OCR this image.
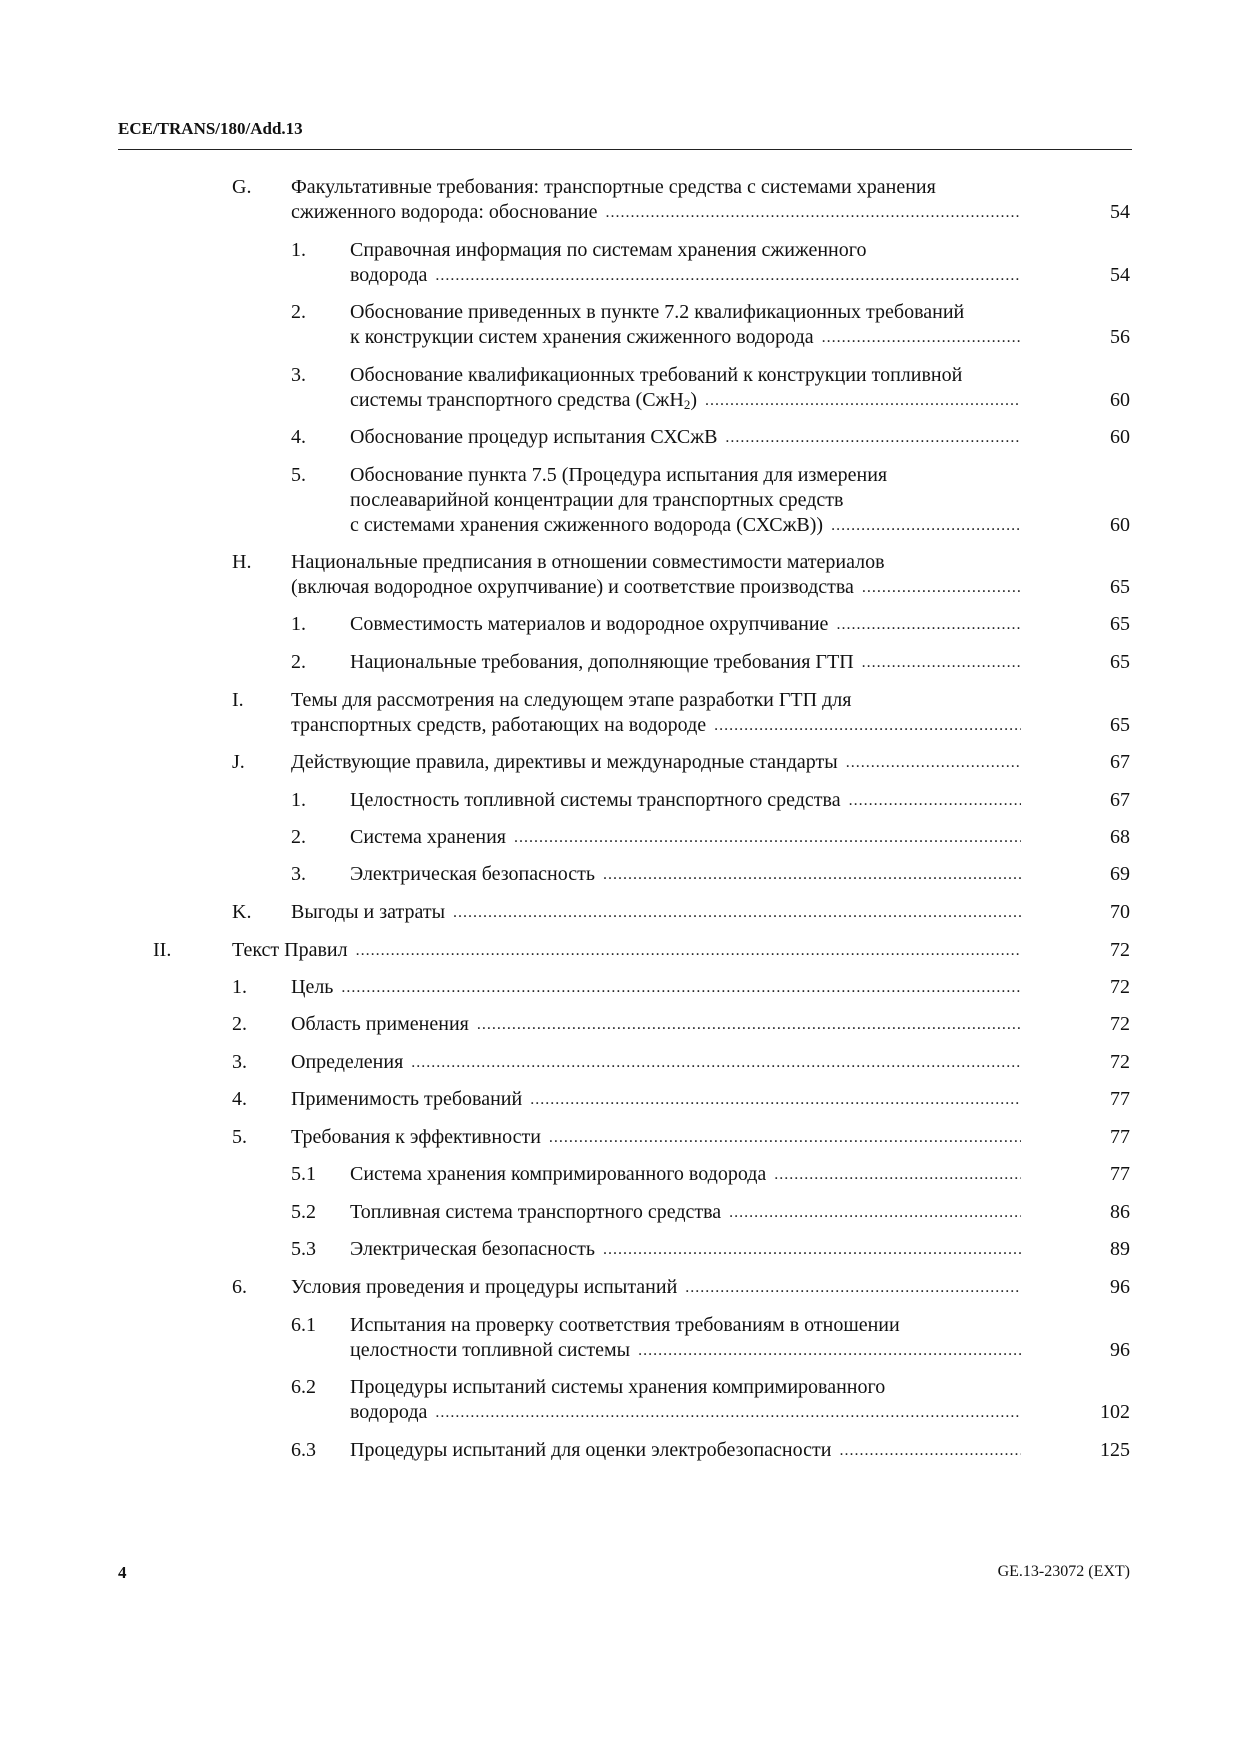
ECE/TRANS/180/Add.13
G. Факультативные требования: транспортные средства с системами хранения
сжиженного водорода: обоснование .....	54
1. Справочная информация по системам хранения сжиженного
водорода .....	54
2. Обоснование приведенных в пункте 7.2 квалификационных требований
к конструкции систем хранения сжиженного водорода .....	56
3. Обоснование квалификационных требований к конструкции топливной
системы транспортного средства (СжН$_2$) .....	60
4. Обоснование процедур испытания СХСжВ .....	60
5. Обоснование пункта 7.5 (Процедура испытания для измерения
послеаварийной концентрации для транспортных средств
с системами хранения сжиженного водорода (СХСжВ)) .....	60
H. Национальные предписания в отношении совместимости материалов
(включая водородное охрупчивание) и соответствие производства .....	65
1. Совместимость материалов и водородное охрупчивание .....	65
2. Национальные требования, дополняющие требования ГТП .....	65
I. Темы для рассмотрения на следующем этапе разработки ГТП для
транспортных средств, работающих на водороде .....	65
J. Действующие правила, директивы и международные стандарты .....	67
1. Целостность топливной системы транспортного средства .....	67
2. Система хранения .....	68
3. Электрическая безопасность .....	69
K. Выгоды и затраты .....	70
II.	Текст Правил .....	72
1. Цель .....	72
2. Область применения .....	72
3. Определения .....	72
4. Применимость требований .....	77
5. Требования к эффективности .....	77
5.1 Система хранения компримированного водорода .....	77
5.2 Топливная система транспортного средства .....	86
5.3 Электрическая безопасность .....	89
6. Условия проведения и процедуры испытаний .....	96
6.1 Испытания на проверку соответствия требованиям в отношении
целостности топливной системы .....	96
6.2 Процедуры испытаний системы хранения компримированного
водорода .....	102
6.3 Процедуры испытаний для оценки электробезопасности .....	125
4	GE.13-23072 (EXT)
